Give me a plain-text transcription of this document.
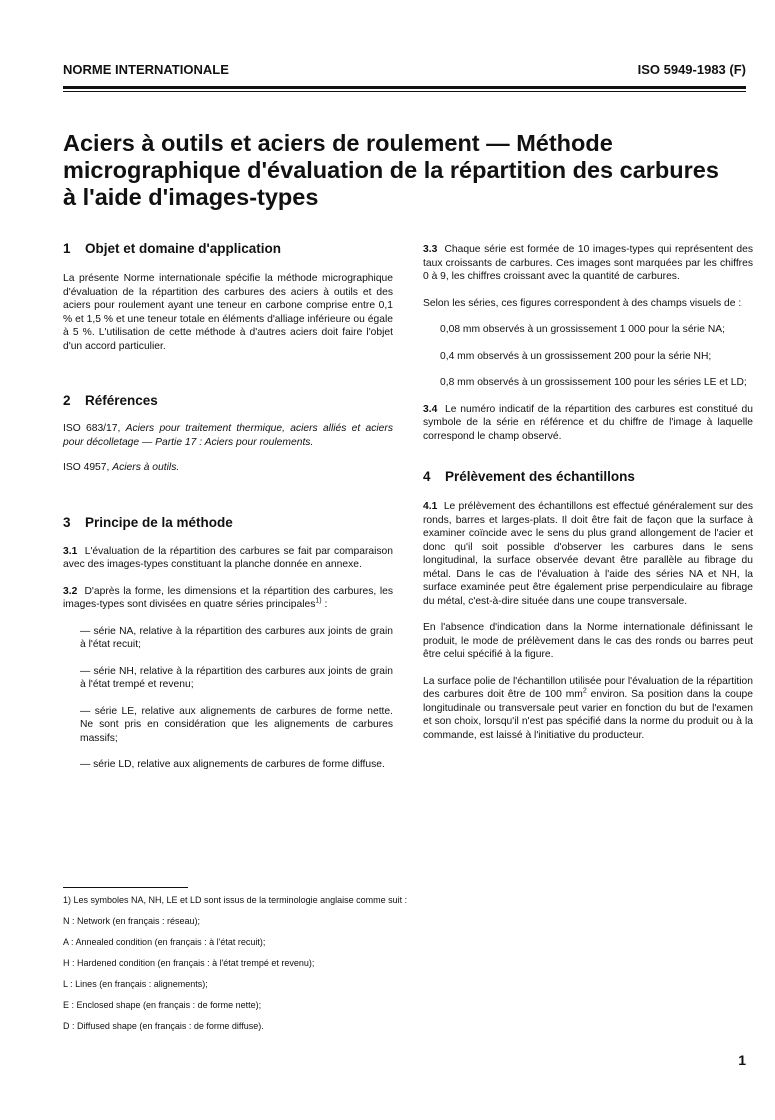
NORME INTERNATIONALE	ISO 5949-1983 (F)
Aciers à outils et aciers de roulement — Méthode
micrographique d'évaluation de la répartition des carbures
à l'aide d'images-types
1 Objet et domaine d'application

La présente Norme internationale spécifie la méthode micrographique d'évaluation de la répartition des carbures des aciers à outils et des aciers pour roulement ayant une teneur en carbone comprise entre 0,1 % et 1,5 % et une teneur totale en éléments d'alliage inférieure ou égale à 5 %. L'utilisation de cette méthode à d'autres aciers doit faire l'objet d'un accord particulier.

2 Références

ISO 683/17, Aciers pour traitement thermique, aciers alliés et aciers pour décolletage — Partie 17 : Aciers pour roulements.

ISO 4957, Aciers à outils.

3 Principe de la méthode

3.1 L'évaluation de la répartition des carbures se fait par comparaison avec des images-types constituant la planche donnée en annexe.

3.2 D'après la forme, les dimensions et la répartition des carbures, les images-types sont divisées en quatre séries principales$^{1)}$ :

— série NA, relative à la répartition des carbures aux joints de grain à l'état recuit;

— série NH, relative à la répartition des carbures aux joints de grain à l'état trempé et revenu;

— série LE, relative aux alignements de carbures de forme nette. Ne sont pris en considération que les alignements de carbures massifs;

— série LD, relative aux alignements de carbures de forme diffuse.

3.3 Chaque série est formée de 10 images-types qui représentent des taux croissants de carbures. Ces images sont marquées par les chiffres 0 à 9, les chiffres croissant avec la quantité de carbures.

Selon les séries, ces figures correspondent à des champs visuels de :

0,08 mm observés à un grossissement 1 000 pour la série NA;

0,4 mm observés à un grossissement 200 pour la série NH;

0,8 mm observés à un grossissement 100 pour les séries LE et LD;

3.4 Le numéro indicatif de la répartition des carbures est constitué du symbole de la série en référence et du chiffre de l'image à laquelle correspond le champ observé.

4 Prélèvement des échantillons

4.1 Le prélèvement des échantillons est effectué généralement sur des ronds, barres et larges-plats. Il doit être fait de façon que la surface à examiner coïncide avec le sens du plus grand allongement de l'acier et donc qu'il soit possible d'observer les carbures dans le sens longitudinal, la surface observée devant être parallèle au fibrage du métal. Dans le cas de l'évaluation à l'aide des séries NA et NH, la surface examinée peut être également prise perpendiculaire au fibrage du métal, c'est-à-dire située dans une coupe transversale.

En l'absence d'indication dans la Norme internationale définissant le produit, le mode de prélèvement dans le cas des ronds ou barres peut être celui spécifié à la figure.

La surface polie de l'échantillon utilisée pour l'évaluation de la répartition des carbures doit être de 100 $mm^2$ environ. Sa position dans la coupe longitudinale ou transversale peut varier en fonction du but de l'examen et son choix, lorsqu'il n'est pas spécifié dans la norme du produit ou à la commande, est laissé à l'initiative du producteur.

1) Les symboles NA, NH, LE et LD sont issus de la terminologie anglaise comme suit :
N : Network (en français : réseau);
A : Annealed condition (en français : à l'état recuit);
H : Hardened condition (en français : à l'état trempé et revenu);
L : Lines (en français : alignements);
E : Enclosed shape (en français : de forme nette);
D : Diffused shape (en français : de forme diffuse).
1
